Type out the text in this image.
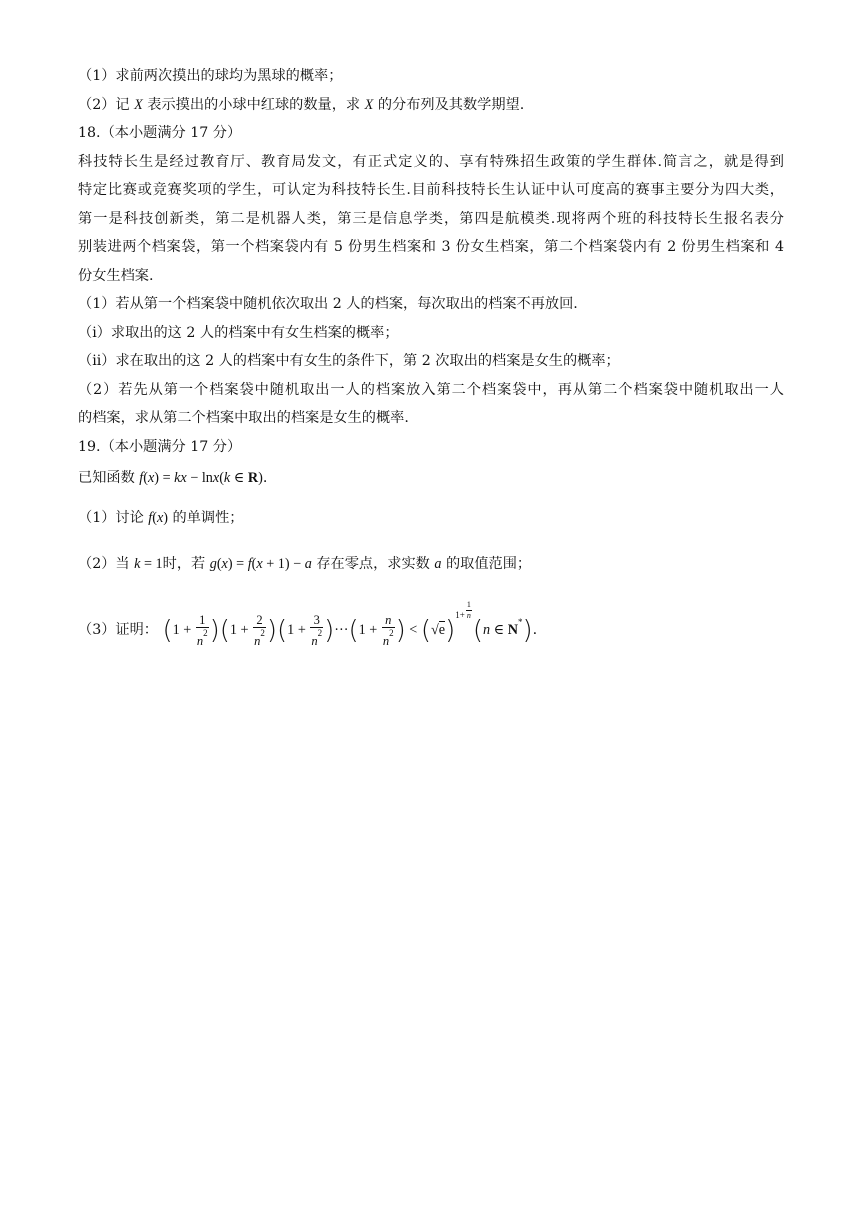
（1）求前两次摸出的球均为黑球的概率；
（2）记 X 表示摸出的小球中红球的数量，求 X 的分布列及其数学期望.
18.（本小题满分 17 分）
科技特长生是经过教育厅、教育局发文，有正式定义的、享有特殊招生政策的学生群体.简言之，就是得到
特定比赛或竞赛奖项的学生，可认定为科技特长生.目前科技特长生认证中认可度高的赛事主要分为四大类，
第一是科技创新类，第二是机器人类，第三是信息学类，第四是航模类.现将两个班的科技特长生报名表分
别装进两个档案袋，第一个档案袋内有 5 份男生档案和 3 份女生档案，第二个档案袋内有 2 份男生档案和 4
份女生档案.
（1）若从第一个档案袋中随机依次取出 2 人的档案，每次取出的档案不再放回.
（i）求取出的这 2 人的档案中有女生档案的概率；
（ii）求在取出的这 2 人的档案中有女生的条件下，第 2 次取出的档案是女生的概率；
（2）若先从第一个档案袋中随机取出一人的档案放入第二个档案袋中，再从第二个档案袋中随机取出一人
的档案，求从第二个档案中取出的档案是女生的概率.
19.（本小题满分 17 分）
已知函数 f(x) = kx − lnx(k ∈ R).
（1）讨论 f(x) 的单调性；
（2）当 k = 1时，若 g(x) = f(x + 1) − a 存在零点，求实数 a 的取值范围；
（3）证明： $(1 + \frac{1}{n^2} )(1 + \frac{2}{n^2} )(1 + \frac{3}{n^2} )\cdot\cdot\cdot(1 + \frac{n}{n^2}$ ) < $(√e)^{1+} \frac{1}{n}$
(n ∈ N*).
